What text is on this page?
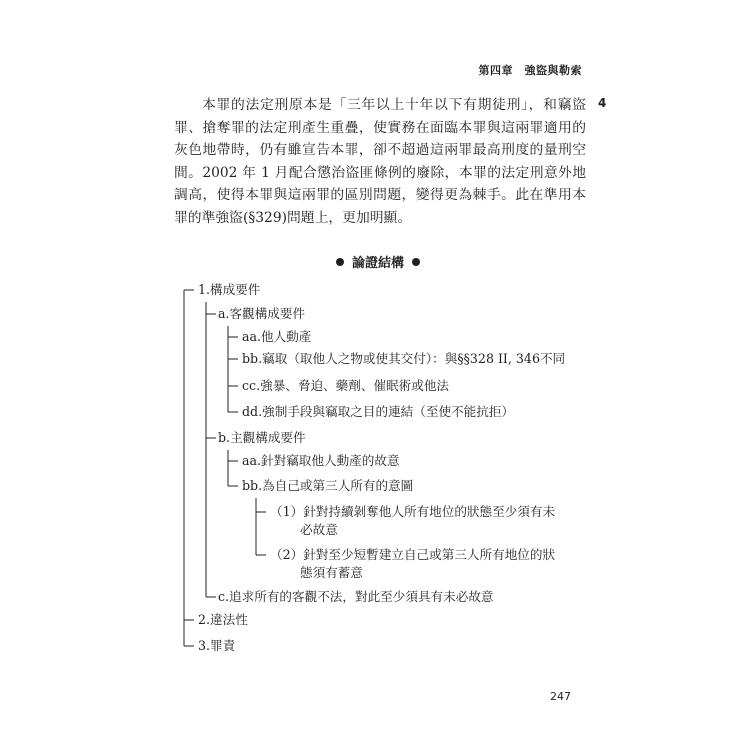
第四章　強盜與勒索

本罪的法定刑原本是「三年以上十年以下有期徒刑」，和竊盜罪、搶奪罪的法定刑產生重疊，使實務在面臨本罪與這兩罪適用的灰色地帶時，仍有雖宣告本罪，卻不超過這兩罪最高刑度的量刑空間。2002 年 1 月配合懲治盜匪條例的廢除，本罪的法定刑意外地調高，使得本罪與這兩罪的區別問題，變得更為棘手。此在準用本罪的準強盜(§329)問題上，更加明顯。

4
論證結構
1.構成要件
a.客觀構成要件
aa.他人動產
bb.竊取（取他人之物或使其交付）：與§§328 II, 346不同
cc.強暴、脅迫、藥劑、催眠術或他法
dd.強制手段與竊取之目的連結（至使不能抗拒）
b.主觀構成要件
aa.針對竊取他人動產的故意
bb.為自己或第三人所有的意圖
（1）針對持續剝奪他人所有地位的狀態至少須有未
必故意
（2）針對至少短暫建立自己或第三人所有地位的狀
態須有蓄意
c.追求所有的客觀不法，對此至少須具有未必故意
2.違法性
3.罪責
247
